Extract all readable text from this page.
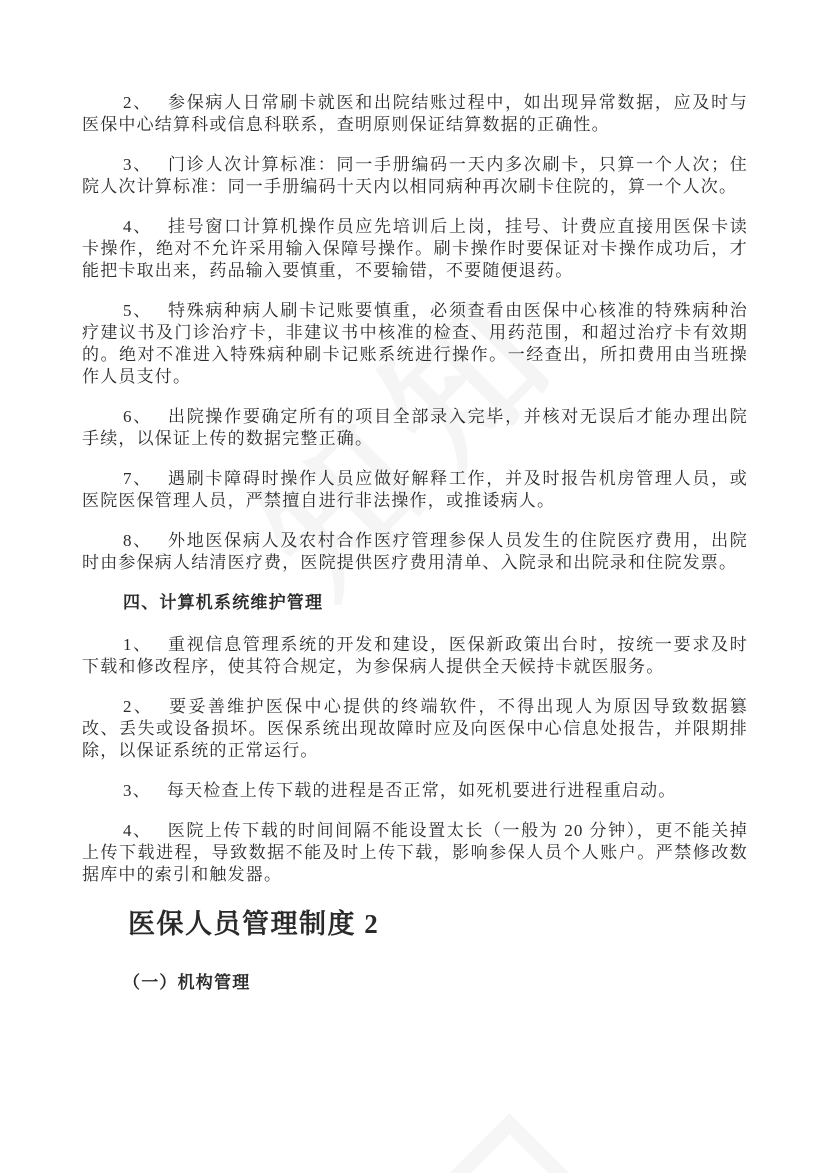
2、 参保病人日常刷卡就医和出院结账过程中，如出现异常数据，应及时与医保中心结算科或信息科联系，查明原则保证结算数据的正确性。

3、 门诊人次计算标准：同一手册编码一天内多次刷卡，只算一个人次；住院人次计算标准：同一手册编码十天内以相同病种再次刷卡住院的，算一个人次。

4、 挂号窗口计算机操作员应先培训后上岗，挂号、计费应直接用医保卡读卡操作，绝对不允许采用输入保障号操作。刷卡操作时要保证对卡操作成功后，才能把卡取出来，药品输入要慎重，不要输错，不要随便退药。

5、 特殊病种病人刷卡记账要慎重，必须查看由医保中心核准的特殊病种治疗建议书及门诊治疗卡，非建议书中核准的检查、用药范围，和超过治疗卡有效期的。绝对不准进入特殊病种刷卡记账系统进行操作。一经查出，所扣费用由当班操作人员支付。

6、 出院操作要确定所有的项目全部录入完毕，并核对无误后才能办理出院手续，以保证上传的数据完整正确。

7、 遇刷卡障碍时操作人员应做好解释工作，并及时报告机房管理人员，或医院医保管理人员，严禁擅自进行非法操作，或推诿病人。

8、 外地医保病人及农村合作医疗管理参保人员发生的住院医疗费用，出院时由参保病人结清医疗费，医院提供医疗费用清单、入院录和出院录和住院发票。

四、计算机系统维护管理

1、 重视信息管理系统的开发和建设，医保新政策出台时，按统一要求及时下载和修改程序，使其符合规定，为参保病人提供全天候持卡就医服务。

2、 要妥善维护医保中心提供的终端软件，不得出现人为原因导致数据篡改、丢失或设备损坏。医保系统出现故障时应及向医保中心信息处报告，并限期排除，以保证系统的正常运行。

3、 每天检查上传下载的进程是否正常，如死机要进行进程重启动。

4、 医院上传下载的时间间隔不能设置太长（一般为 20 分钟），更不能关掉上传下载进程，导致数据不能及时上传下载，影响参保人员个人账户。严禁修改数据库中的索引和触发器。

医保人员管理制度 2
（一）机构管理
